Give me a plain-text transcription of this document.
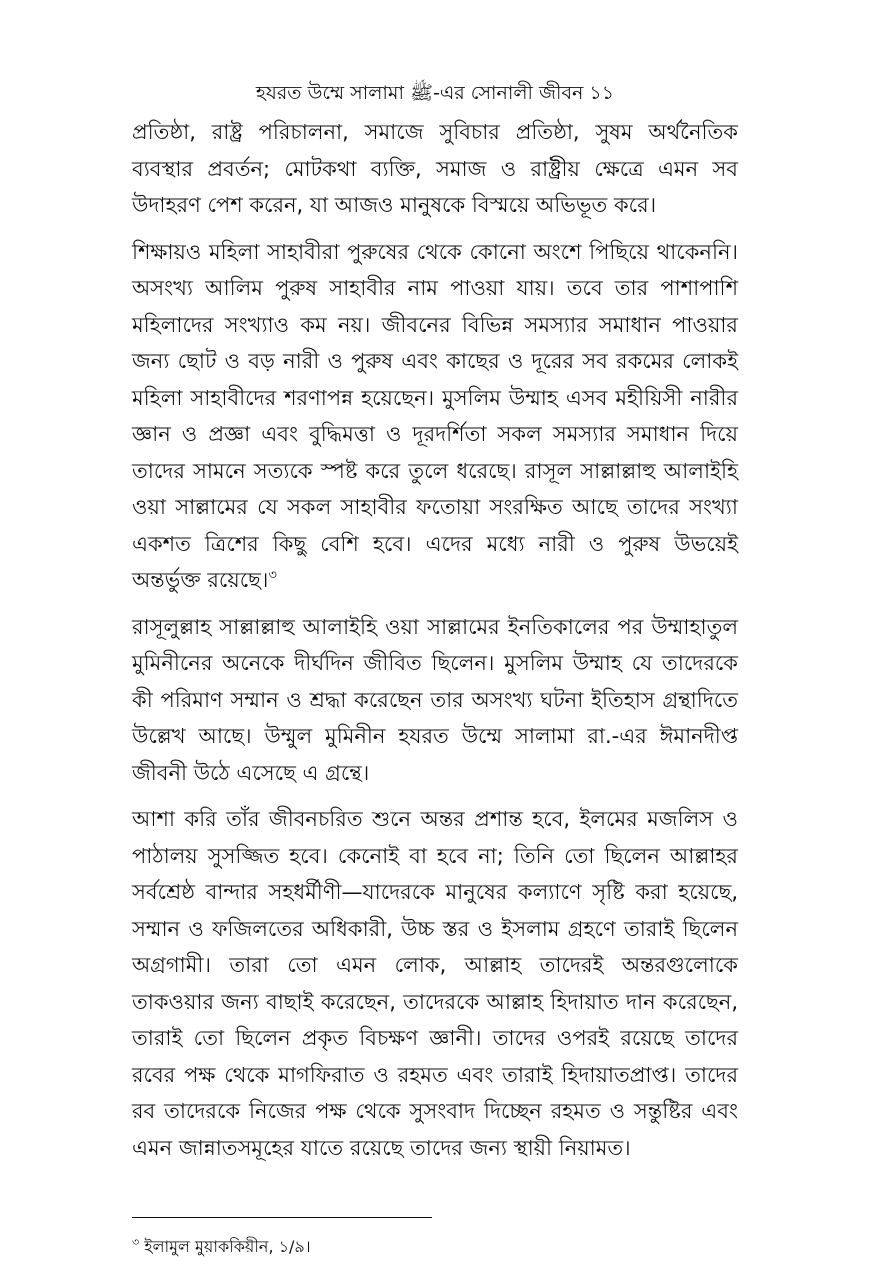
হযরত উম্মে সালামা ﷺ-এর সোনালী জীবন ১১

প্রতিষ্ঠা, রাষ্ট্র পরিচালনা, সমাজে সুবিচার প্রতিষ্ঠা, সুষম অর্থনৈতিক ব্যবস্থার প্রবর্তন; মোটকথা ব্যক্তি, সমাজ ও রাষ্ট্রীয় ক্ষেত্রে এমন সব উদাহরণ পেশ করেন, যা আজও মানুষকে বিস্ময়ে অভিভূত করে।

শিক্ষায়ও মহিলা সাহাবীরা পুরুষের থেকে কোনো অংশে পিছিয়ে থাকেননি। অসংখ্য আলিম পুরুষ সাহাবীর নাম পাওয়া যায়। তবে তার পাশাপাশি মহিলাদের সংখ্যাও কম নয়। জীবনের বিভিন্ন সমস্যার সমাধান পাওয়ার জন্য ছোট ও বড় নারী ও পুরুষ এবং কাছের ও দূরের সব রকমের লোকই মহিলা সাহাবীদের শরণাপন্ন হয়েছেন। মুসলিম উম্মাহ এসব মহীয়িসী নারীর জ্ঞান ও প্রজ্ঞা এবং বুদ্ধিমত্তা ও দূরদর্শিতা সকল সমস্যার সমাধান দিয়ে তাদের সামনে সত্যকে স্পষ্ট করে তুলে ধরেছে। রাসূল সাল্লাল্লাহু আলাইহি ওয়া সাল্লামের যে সকল সাহাবীর ফতোয়া সংরক্ষিত আছে তাদের সংখ্যা একশত ত্রিশের কিছু বেশি হবে। এদের মধ্যে নারী ও পুরুষ উভয়েই অন্তর্ভুক্ত রয়েছে।$^৩$

রাসূলুল্লাহ সাল্লাল্লাহু আলাইহি ওয়া সাল্লামের ইনতিকালের পর উম্মাহাতুল মুমিনীনের অনেকে দীর্ঘদিন জীবিত ছিলেন। মুসলিম উম্মাহ যে তাদেরকে কী পরিমাণ সম্মান ও শ্রদ্ধা করেছেন তার অসংখ্য ঘটনা ইতিহাস গ্রন্থাদিতে উল্লেখ আছে। উম্মুল মুমিনীন হযরত উম্মে সালামা রা.-এর ঈমানদীপ্ত জীবনী উঠে এসেছে এ গ্রন্থে।

আশা করি তাঁর জীবনচরিত শুনে অন্তর প্রশান্ত হবে, ইলমের মজলিস ও পাঠালয় সুসজ্জিত হবে। কেনোই বা হবে না; তিনি তো ছিলেন আল্লাহর সর্বশ্রেষ্ঠ বান্দার সহধর্মীণী—যাদেরকে মানুষের কল্যাণে সৃষ্টি করা হয়েছে, সম্মান ও ফজিলতের অধিকারী, উচ্চ স্তর ও ইসলাম গ্রহণে তারাই ছিলেন অগ্রগামী। তারা তো এমন লোক, আল্লাহ তাদেরই অন্তরগুলোকে তাকওয়ার জন্য বাছাই করেছেন, তাদেরকে আল্লাহ হিদায়াত দান করেছেন, তারাই তো ছিলেন প্রকৃত বিচক্ষণ জ্ঞানী। তাদের ওপরই রয়েছে তাদের রবের পক্ষ থেকে মাগফিরাত ও রহমত এবং তারাই হিদায়াতপ্রাপ্ত। তাদের রব তাদেরকে নিজের পক্ষ থেকে সুসংবাদ দিচ্ছেন রহমত ও সন্তুষ্টির এবং এমন জান্নাতসমূহের যাতে রয়েছে তাদের জন্য স্থায়ী নিয়ামত।

$^৩$ ইলামুল মুয়াককিয়ীন, ১/৯।
